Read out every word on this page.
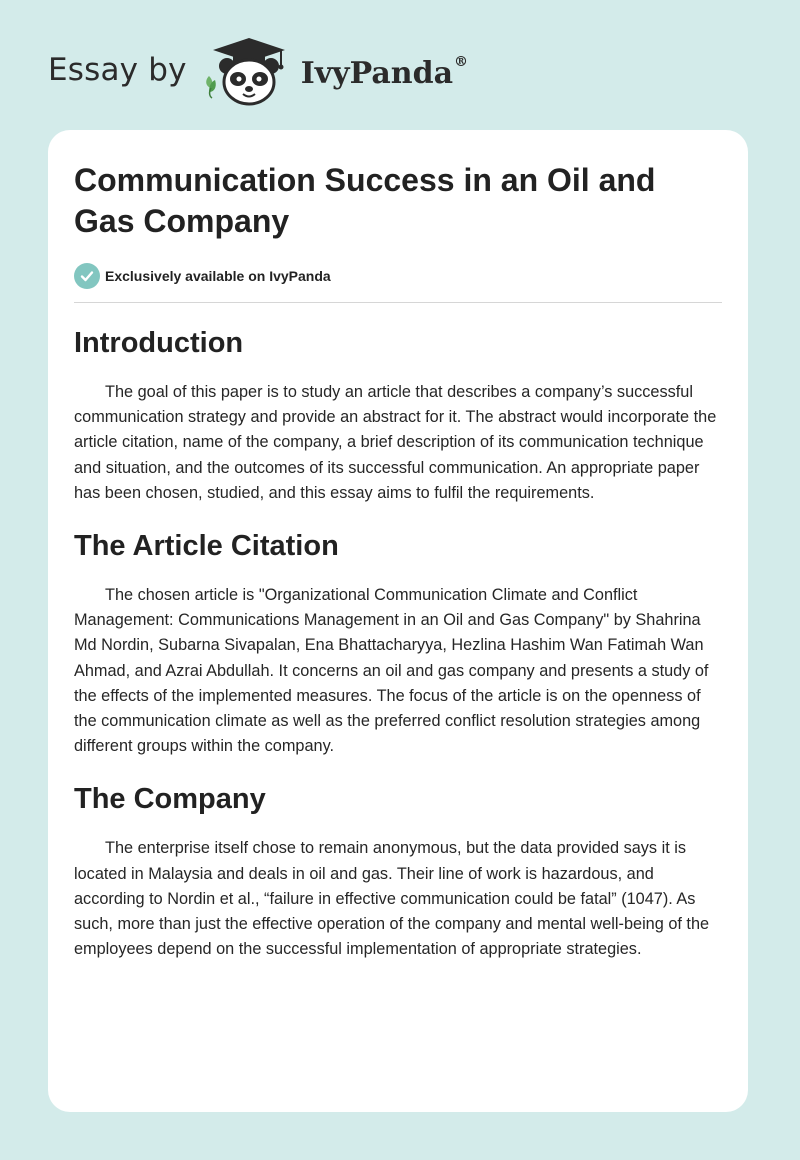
Essay by	IvyPanda®
Communication Success in an Oil and Gas Company
Exclusively available on IvyPanda
Introduction

The goal of this paper is to study an article that describes a company’s successful communication strategy and provide an abstract for it. The abstract would incorporate the article citation, name of the company, a brief description of its communication technique and situation, and the outcomes of its successful communication. An appropriate paper has been chosen, studied, and this essay aims to fulfil the requirements.

The Article Citation

The chosen article is "Organizational Communication Climate and Conflict Management: Communications Management in an Oil and Gas Company" by Shahrina Md Nordin, Subarna Sivapalan, Ena Bhattacharyya, Hezlina Hashim Wan Fatimah Wan Ahmad, and Azrai Abdullah. It concerns an oil and gas company and presents a study of the effects of the implemented measures. The focus of the article is on the openness of the communication climate as well as the preferred conflict resolution strategies among different groups within the company.

The Company

The enterprise itself chose to remain anonymous, but the data provided says it is located in Malaysia and deals in oil and gas. Their line of work is hazardous, and according to Nordin et al., “failure in effective communication could be fatal” (1047). As such, more than just the effective operation of the company and mental well-being of the employees depend on the successful implementation of appropriate strategies.
